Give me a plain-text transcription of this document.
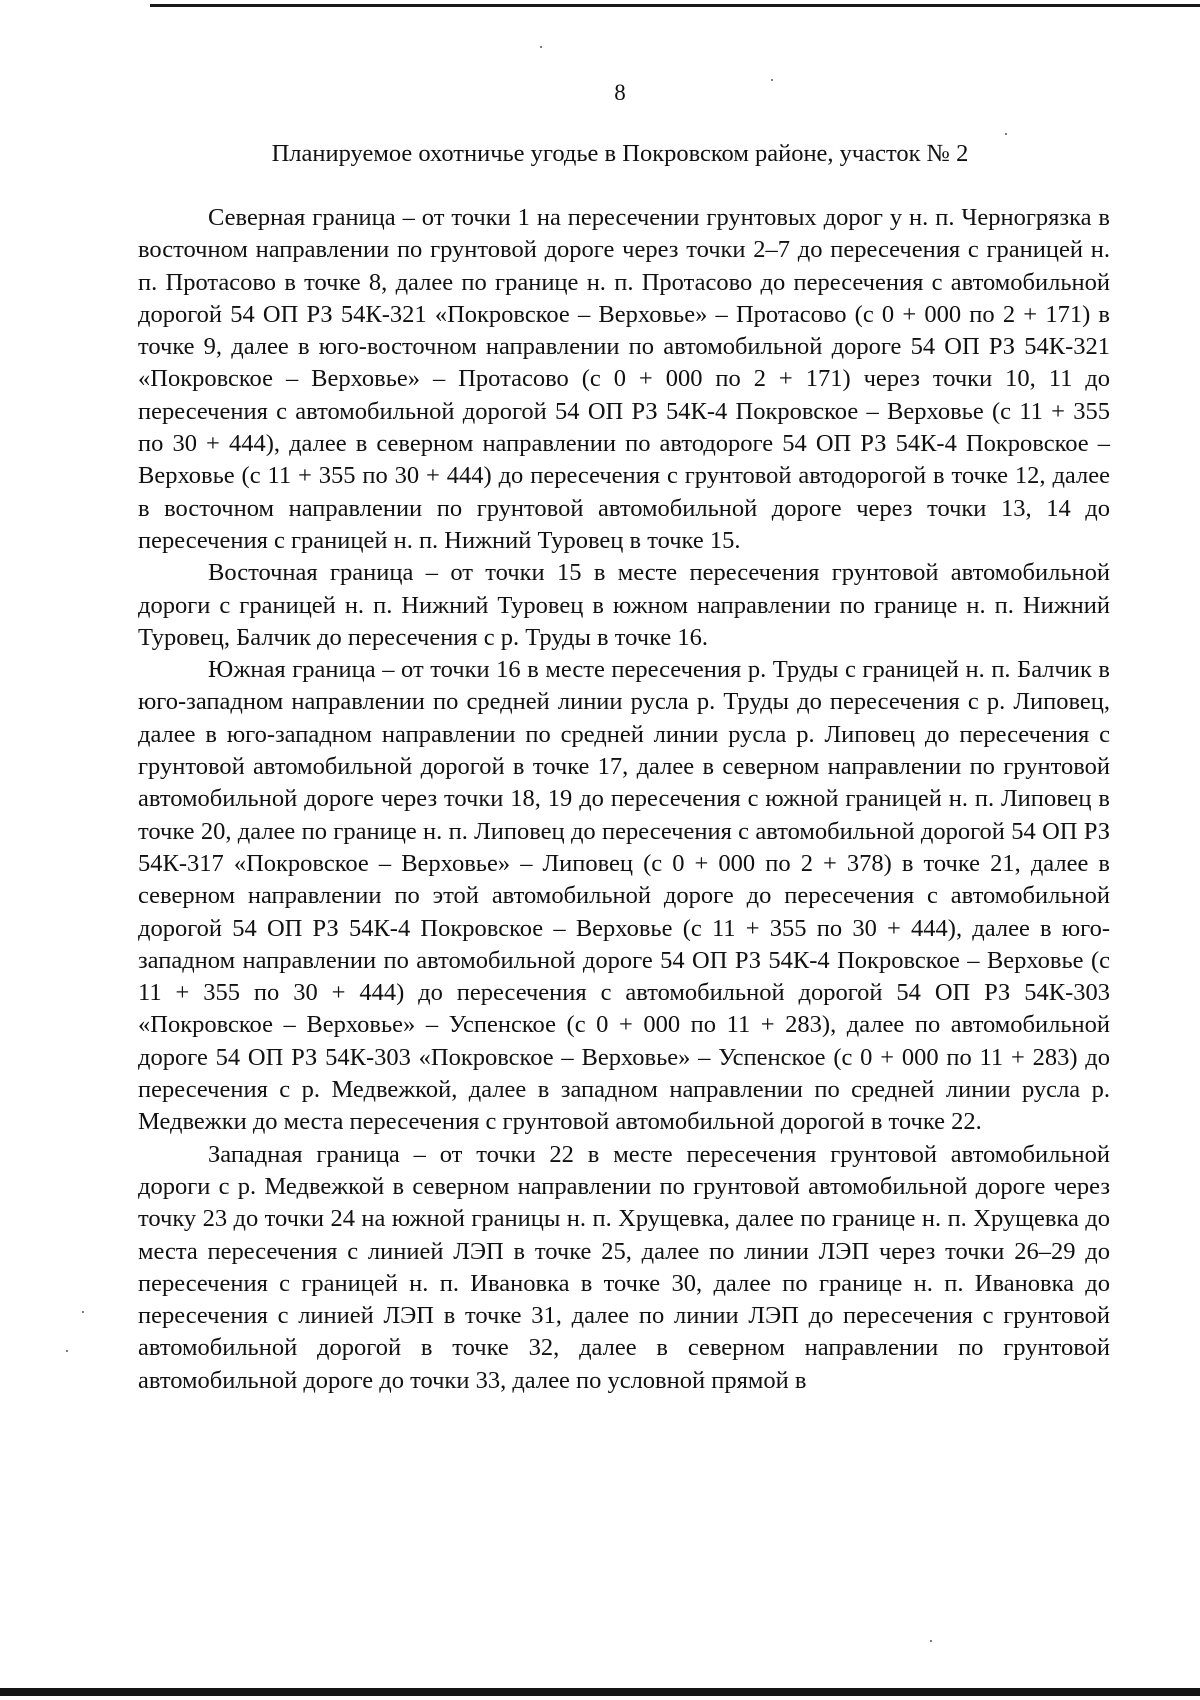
8
Планируемое охотничье угодье в Покровском районе, участок № 2

Северная граница – от точки 1 на пересечении грунтовых дорог у н. п. Черногрязка в восточном направлении по грунтовой дороге через точки 2–7 до пересечения с границей н. п. Протасово в точке 8, далее по границе н. п. Протасово до пересечения с автомобильной дорогой 54 ОП РЗ 54К-321 «Покровское – Верховье» – Протасово (с 0 + 000 по 2 + 171) в точке 9, далее в юго-восточном направлении по автомобильной дороге 54 ОП РЗ 54К-321 «Покровское – Верховье» – Протасово (с 0 + 000 по 2 + 171) через точки 10, 11 до пересечения с автомобильной дорогой 54 ОП РЗ 54К-4 Покровское – Верховье (с 11 + 355 по 30 + 444), далее в северном направлении по автодороге 54 ОП РЗ 54К-4 Покровское – Верховье (с 11 + 355 по 30 + 444) до пересечения с грунтовой автодорогой в точке 12, далее в восточном направлении по грунтовой автомобильной дороге через точки 13, 14 до пересечения с границей н. п. Нижний Туровец в точке 15.

Восточная граница – от точки 15 в месте пересечения грунтовой автомобильной дороги с границей н. п. Нижний Туровец в южном направлении по границе н. п. Нижний Туровец, Балчик до пересечения с р. Труды в точке 16.

Южная граница – от точки 16 в месте пересечения р. Труды с границей н. п. Балчик в юго-западном направлении по средней линии русла р. Труды до пересечения с р. Липовец, далее в юго-западном направлении по средней линии русла р. Липовец до пересечения с грунтовой автомобильной дорогой в точке 17, далее в северном направлении по грунтовой автомобильной дороге через точки 18, 19 до пересечения с южной границей н. п. Липовец в точке 20, далее по границе н. п. Липовец до пересечения с автомобильной дорогой 54 ОП РЗ 54К-317 «Покровское – Верховье» – Липовец (с 0 + 000 по 2 + 378) в точке 21, далее в северном направлении по этой автомобильной дороге до пересечения с автомобильной дорогой 54 ОП РЗ 54К-4 Покровское – Верховье (с 11 + 355 по 30 + 444), далее в юго-западном направлении по автомобильной дороге 54 ОП РЗ 54К-4 Покровское – Верховье (с 11 + 355 по 30 + 444) до пересечения с автомобильной дорогой 54 ОП РЗ 54К-303 «Покровское – Верховье» – Успенское (с 0 + 000 по 11 + 283), далее по автомобильной дороге 54 ОП РЗ 54К-303 «Покровское – Верховье» – Успенское (с 0 + 000 по 11 + 283) до пересечения с р. Медвежкой, далее в западном направлении по средней линии русла р. Медвежки до места пересечения с грунтовой автомобильной дорогой в точке 22.

Западная граница – от точки 22 в месте пересечения грунтовой автомобильной дороги с р. Медвежкой в северном направлении по грунтовой автомобильной дороге через точку 23 до точки 24 на южной границы н. п. Хрущевка, далее по границе н. п. Хрущевка до места пересечения с линией ЛЭП в точке 25, далее по линии ЛЭП через точки 26–29 до пересечения с границей н. п. Ивановка в точке 30, далее по границе н. п. Ивановка до пересечения с линией ЛЭП в точке 31, далее по линии ЛЭП до пересечения с грунтовой автомобильной дорогой в точке 32, далее в северном направлении по грунтовой автомобильной дороге до точки 33, далее по условной прямой в
